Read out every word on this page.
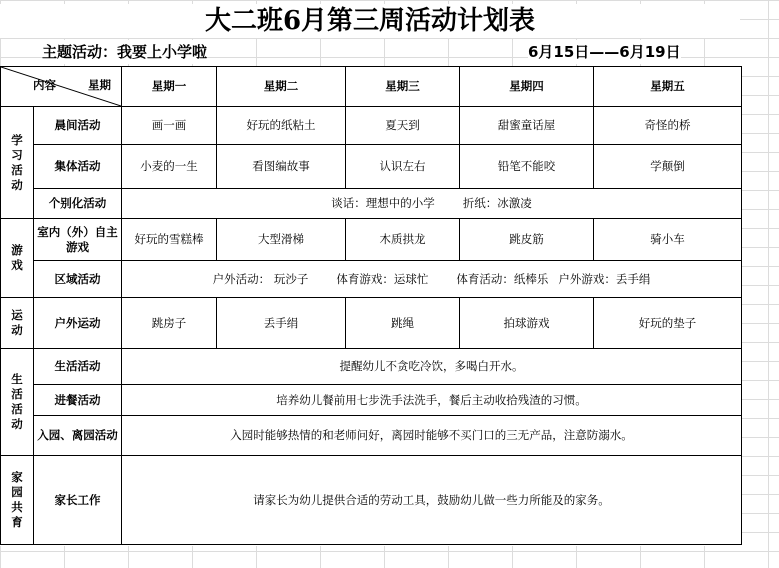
大二班6月第三周活动计划表
主题活动：我要上小学啦	6月15日——6月19日
内容 星期		星期一	星期二	星期三	星期四	星期五
学习活动	晨间活动	画一画	好玩的纸粘土	夏天到	甜蜜童话屋	奇怪的桥
	集体活动	小麦的一生	看图编故事	认识左右	铅笔不能咬	学颠倒
	个别化活动	谈话：理想中的小学 折纸：冰激凌				
游戏	室内（外）自主游戏	好玩的雪糕棒	大型滑梯	木质拱龙	跳皮筋	骑小车
	区域活动	户外活动： 玩沙子 体育游戏：运球忙 体育活动：纸棒乐 户外游戏：丢手绢				
运动	户外运动	跳房子	丢手绢	跳绳	拍球游戏	好玩的垫子
生活活动	生活活动	提醒幼儿不贪吃冷饮，多喝白开水。				
	进餐活动	培养幼儿餐前用七步洗手法洗手，餐后主动收拾残渣的习惯。				
	入园、离园活动	入园时能够热情的和老师问好，离园时能够不买门口的三无产品，注意防溺水。				
家园共育	家长工作	请家长为幼儿提供合适的劳动工具，鼓励幼儿做一些力所能及的家务。				
